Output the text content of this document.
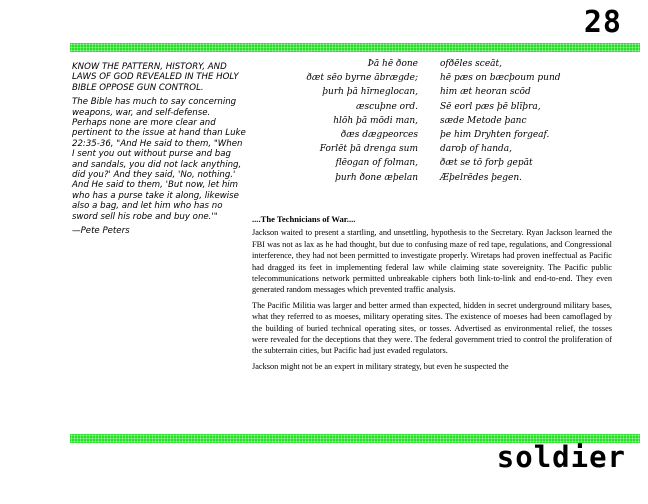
28

KNOW THE PATTERN, HISTORY, AND LAWS OF GOD REVEALED IN THE HOLY BIBLE OPPOSE GUN CONTROL.

The Bible has much to say concerning weapons, war, and self-defense. Perhaps none are more clear and pertinent to the issue at hand than Luke 22:35-36, "And He said to them, "When I sent you out without purse and bag and sandals, you did not lack anything, did you?' And they said, 'No, nothing.' And He said to them, 'But now, let him who has a purse take it along, likewise also a bag, and let him who has no sword sell his robe and buy one.'"

—Pete Peters

Þā hē ðone	ofðēles sceāt,
ðæt sēo byrne ābrægde;	hē pæs on bæcþoum pund
þurh þā hīrneglocan,	him æt heoran scōd
æscuþne ord.	Sē eorl pæs þē blīþra,
hlōh þā mōdi man,	sæde Metode þanc
ðæs dægpeorces	þe him Dryhten forgeaf.
Forlēt þā drenga sum	daroþ of handa,
flēogan of folman,	ðæt se tō forþ gepāt
þurh ðone æþelan	Æþelrēdes þegen.

....The Technicians of War....

Jackson waited to present a startling, and unsettling, hypothesis to the Secretary. Ryan Jackson learned the FBI was not as lax as he had thought, but due to confusing maze of red tape, regulations, and Congressional interference, they had not been permitted to investigate properly. Wiretaps had proven ineffectual as Pacific had dragged its feet in implementing federal law while claiming state sovereignity. The Pacific public telecommunications network permitted unbreakable ciphers both link-to-link and end-to-end. They even generated random messages which prevented traffic analysis.

The Pacific Militia was larger and better armed than expected, hidden in secret underground military bases, what they referred to as moeses, military operating sites. The existence of moeses had been camoflaged by the building of buried technical operating sites, or tosses. Advertised as environmental relief, the tosses were revealed for the deceptions that they were. The federal government tried to control the proliferation of the subterrain cities, but Pacific had just evaded regulators.

Jackson might not be an expert in military strategy, but even he suspected the

soldier
